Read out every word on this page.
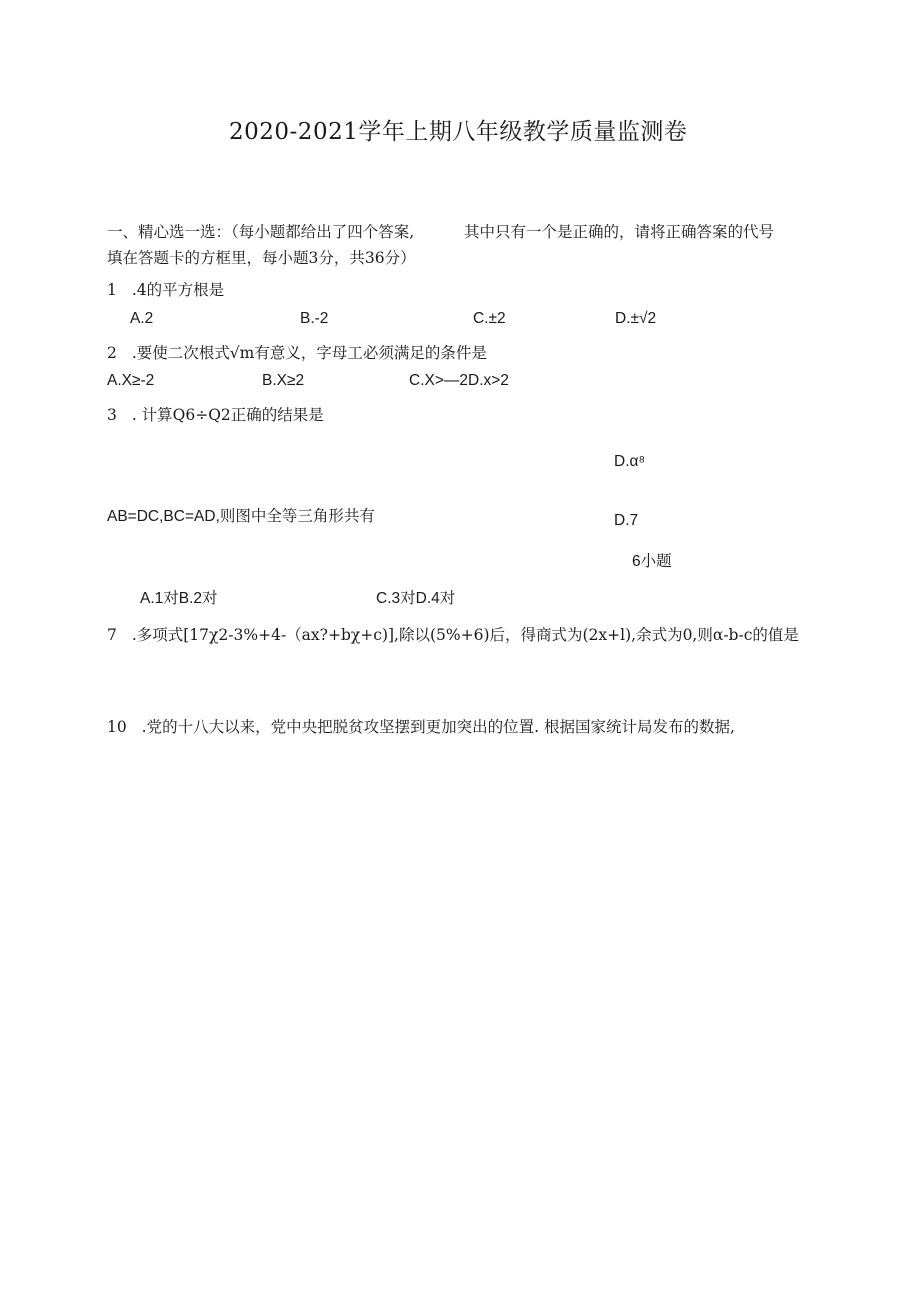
2020-2021学年上期八年级教学质量监测卷
一、精心选一选：（每小题都给出了四个答案,	其中只有一个是正确的，请将正确答案的代号
填在答题卡的方框里，每小题3分，共36分）
1 .4的平方根是
A.2	B.-2	C.±2	D.±√2
2 .要使二次根式√m有意义，字母工必须满足的条件是
A.X≥-2	B.X≥2	C.X>—2D.x>2
3 . 计算Q6÷Q2正确的结果是
D.α⁸
AB=DC,BC=AD,则图中全等三角形共有	D.7
6小题
A.1对B.2对	C.3对D.4对
7 .多项式[17χ2-3%+4-（ax?+bχ+c)],除以(5%+6)后，得商式为(2x+l),余式为0,则α-b-c的值是
10 .党的十八大以来，党中央把脱贫攻坚摆到更加突出的位置. 根据国家统计局发布的数据,
